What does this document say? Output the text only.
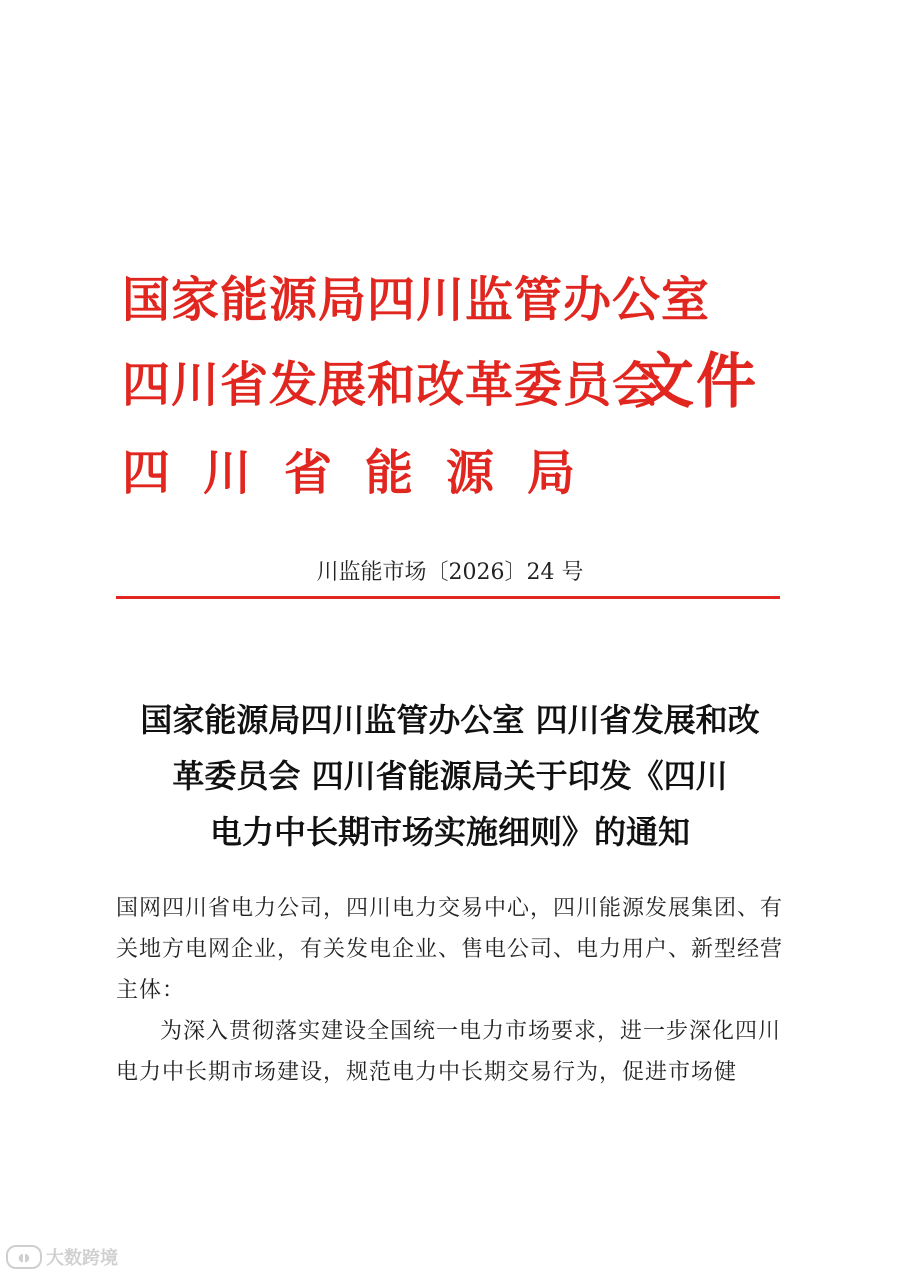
国家能源局四川监管办公室
四川省发展和改革委员会
四川省能源局
文件
川监能市场〔2026〕24 号
国家能源局四川监管办公室 四川省发展和改
革委员会 四川省能源局关于印发《四川
电力中长期市场实施细则》的通知

国网四川省电力公司，四川电力交易中心，四川能源发展集团、有关地方电网企业，有关发电企业、售电公司、电力用户、新型经营主体：

为深入贯彻落实建设全国统一电力市场要求，进一步深化四川电力中长期市场建设，规范电力中长期交易行为，促进市场健

◖◗ 大数跨境
